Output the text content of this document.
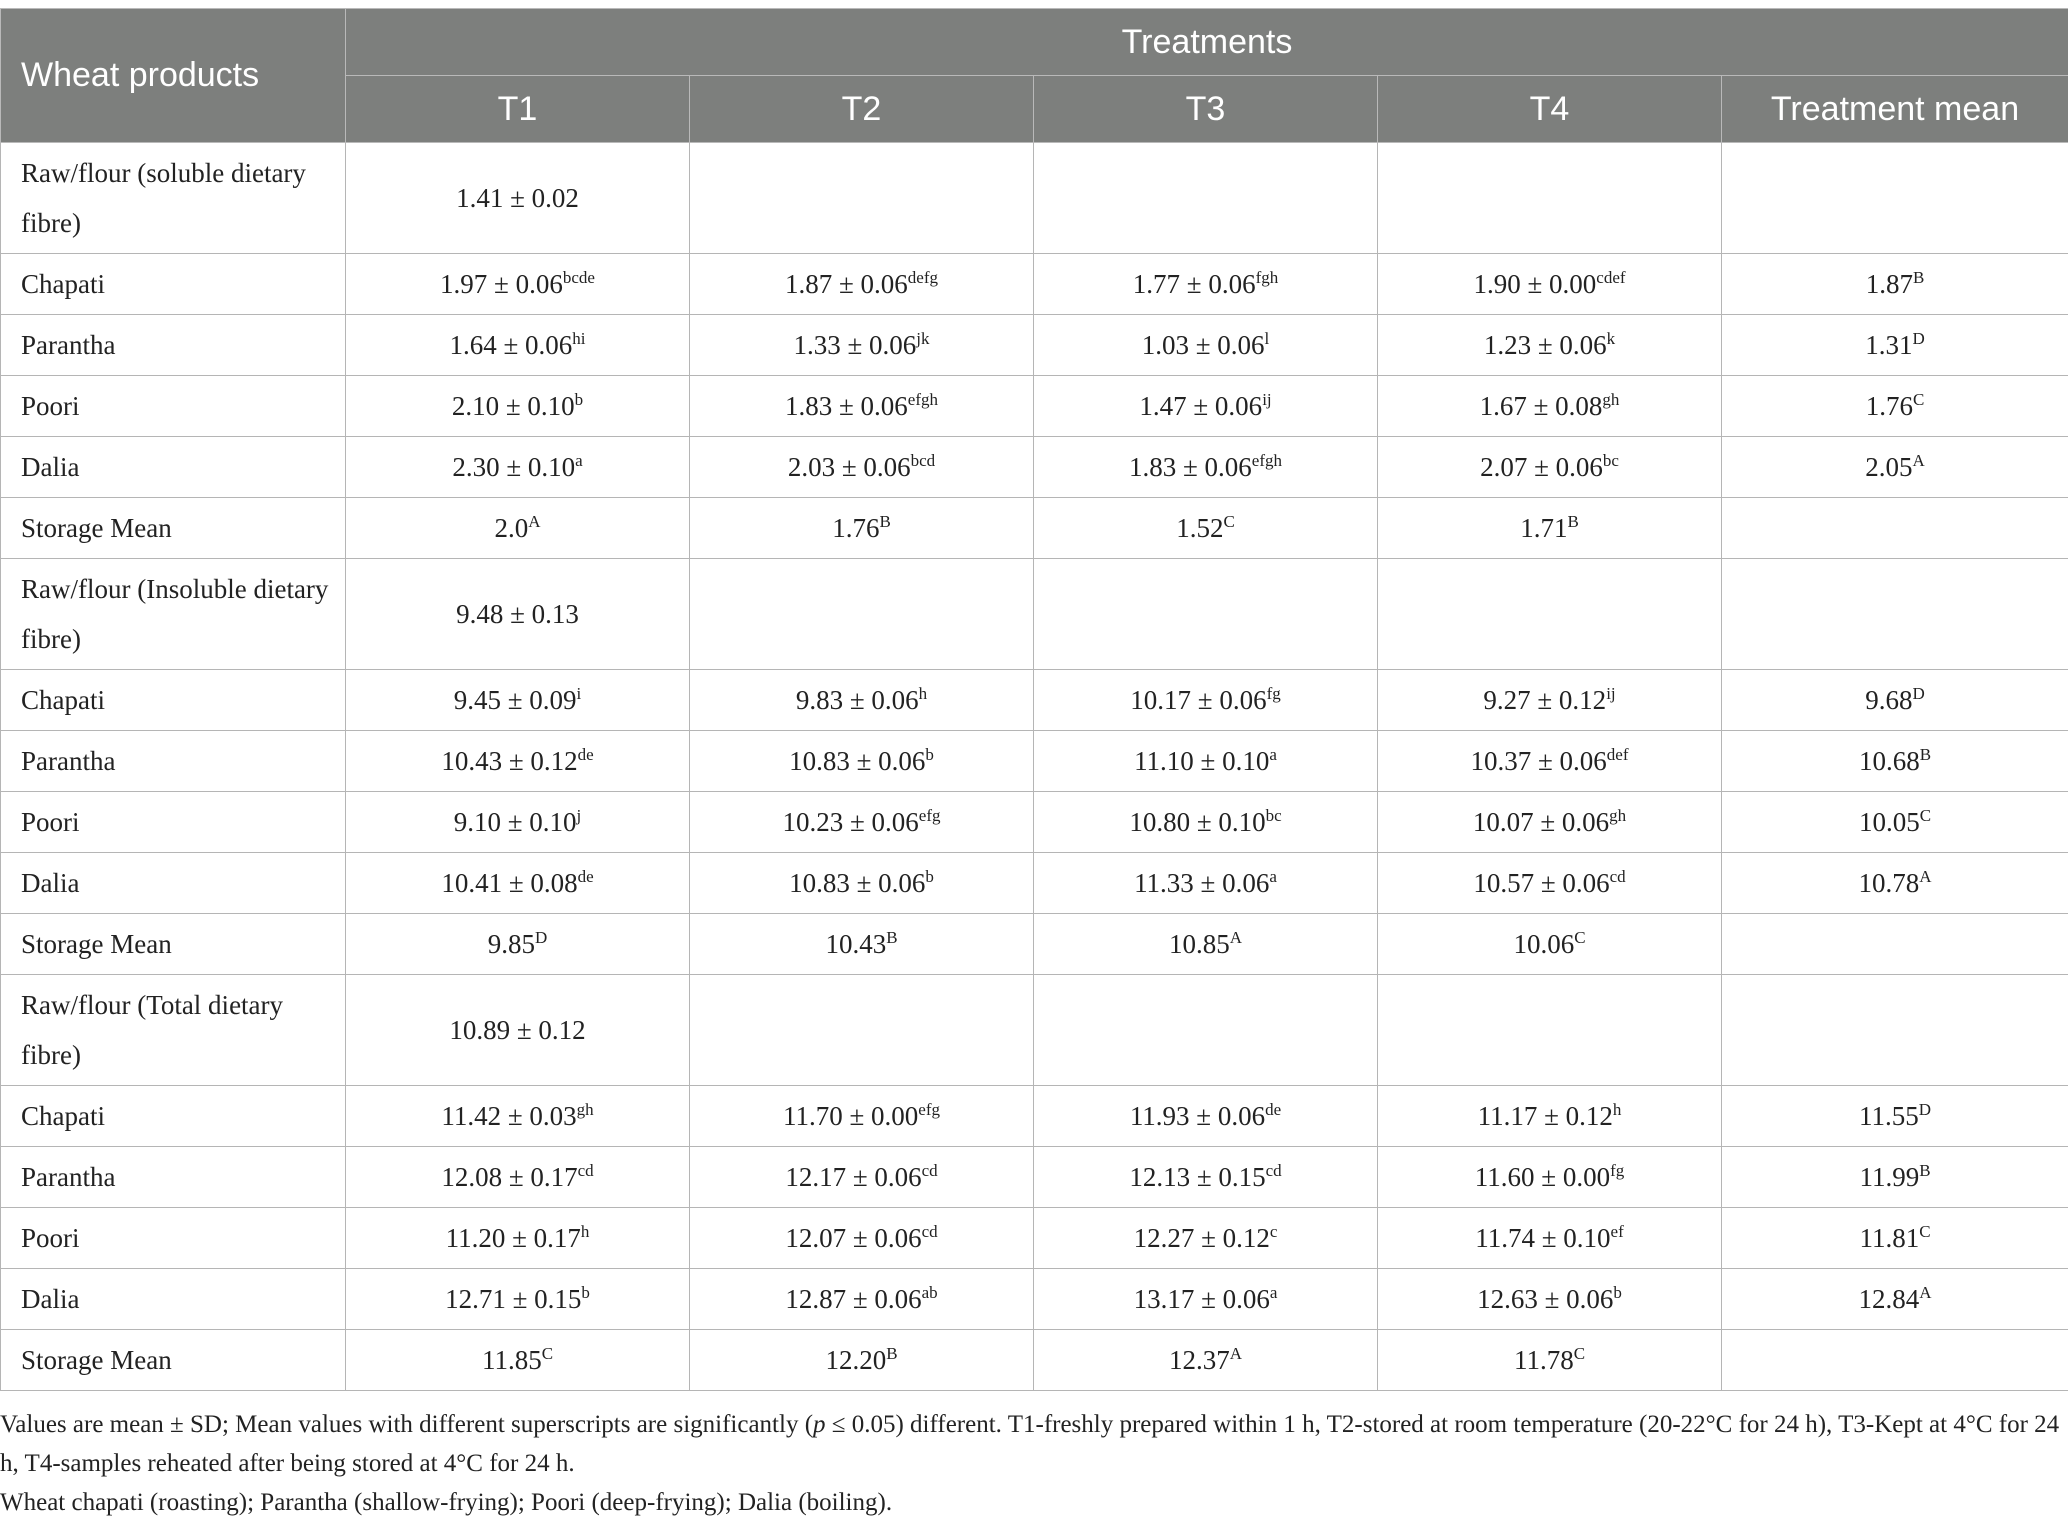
Wheat products	Treatments				
	T1	T2	T3	T4	Treatment mean
Raw/flour (soluble dietary fibre)	1.41 ± 0.02				
Chapati	$1.97 \pm 0.06^{bcde}$	$1.87 \pm 0.06^{defg}$	1.77 ± 0.06$^{fgh}$	$1.90 \pm 0.00^{cdef}$	$1.87^B$
Parantha	$1.64 \pm 0.06^{hi}$	$1.33 \pm 0.06^{jk}$	$1.03 \pm 0.06^l$	$1.23 \pm 0.06^k$	$1.31^D$
Poori	2.10 ± 0.10$^b$	$1.83 \pm 0.06^{efgh}$	$1.47 \pm 0.06^{ij}$	1.67 ± 0.08$^{gh}$	$1.76^C$
Dalia	2.30 ± 0.10$^a$	2.03 ± 0.06$^{bcd}$	$1.83 \pm 0.06^{efgh}$	2.07 ± 0.06$^{bc}$	$2.05^A$
Storage Mean	$2.0^A$	$1.76^B$	$1.52^C$	$1.71^B$	
Raw/flour (Insoluble dietary fibre)	9.48 ± 0.13				
Chapati	$9.45 \pm 0.09^i$	9.83 ± 0.06$^h$	10.17 ± 0.06$^{fg}$	$9.27 \pm 0.12^{ij}$	$9.68^D$
Parantha	10.43 ± 0.12de	10.83 ± 0.06$^b$	11.10 ± 0.10$^a$	10.37 ± 0.06$^{def}$	$10.68^B$
Poori	$9.10 \pm 0.10^j$	10.23 ± 0.06$^{efg}$	10.80 ± 0.10$^{bc}$	10.07 ± 0.06$^{gh}$	$10.05^C$
Dalia	10.41 ± 0.08de	10.83 ± 0.06$^b$	11.33 ± 0.06$^a$	10.57 ± 0.06$^{cd}$	$10.78^A$
Storage Mean	$9.85^D$	$10.43^B$	$10.85^A$	$10.06^C$	
Raw/flour (Total dietary fibre)	10.89 ± 0.12				
Chapati	11.42 ± 0.03$^{gh}$	11.70 ± 0.00$^{efg}$	11.93 ± 0.06de	11.17 ± 0.12$^h$	$11.55^D$
Parantha	12.08 ± 0.17$^{cd}$	12.17 ± 0.06$^{cd}$	12.13 ± 0.15$^{cd}$	11.60 ± 0.00$^{fg}$	$11.99^B$
Poori	11.20 ± 0.17$^h$	12.07 ± 0.06$^{cd}$	12.27 ± 0.12$^c$	11.74 ± 0.10$^{ef}$	$11.81^C$
Dalia	12.71 ± 0.15$^b$	12.87 ± 0.06$^{ab}$	13.17 ± 0.06$^a$	12.63 ± 0.06$^b$	$12.84^A$
Storage Mean	$11.85^C$	$12.20^B$	$12.37^A$	$11.78^C$	

Values are mean ± SD; Mean values with different superscripts are significantly (p ≤ 0.05) different. T1-freshly prepared within 1 h, T2-stored at room temperature (20-22°C for 24 h), T3-Kept at 4°C for 24 h, T4-samples reheated after being stored at 4°C for 24 h.

Wheat chapati (roasting); Parantha (shallow-frying); Poori (deep-frying); Dalia (boiling).
